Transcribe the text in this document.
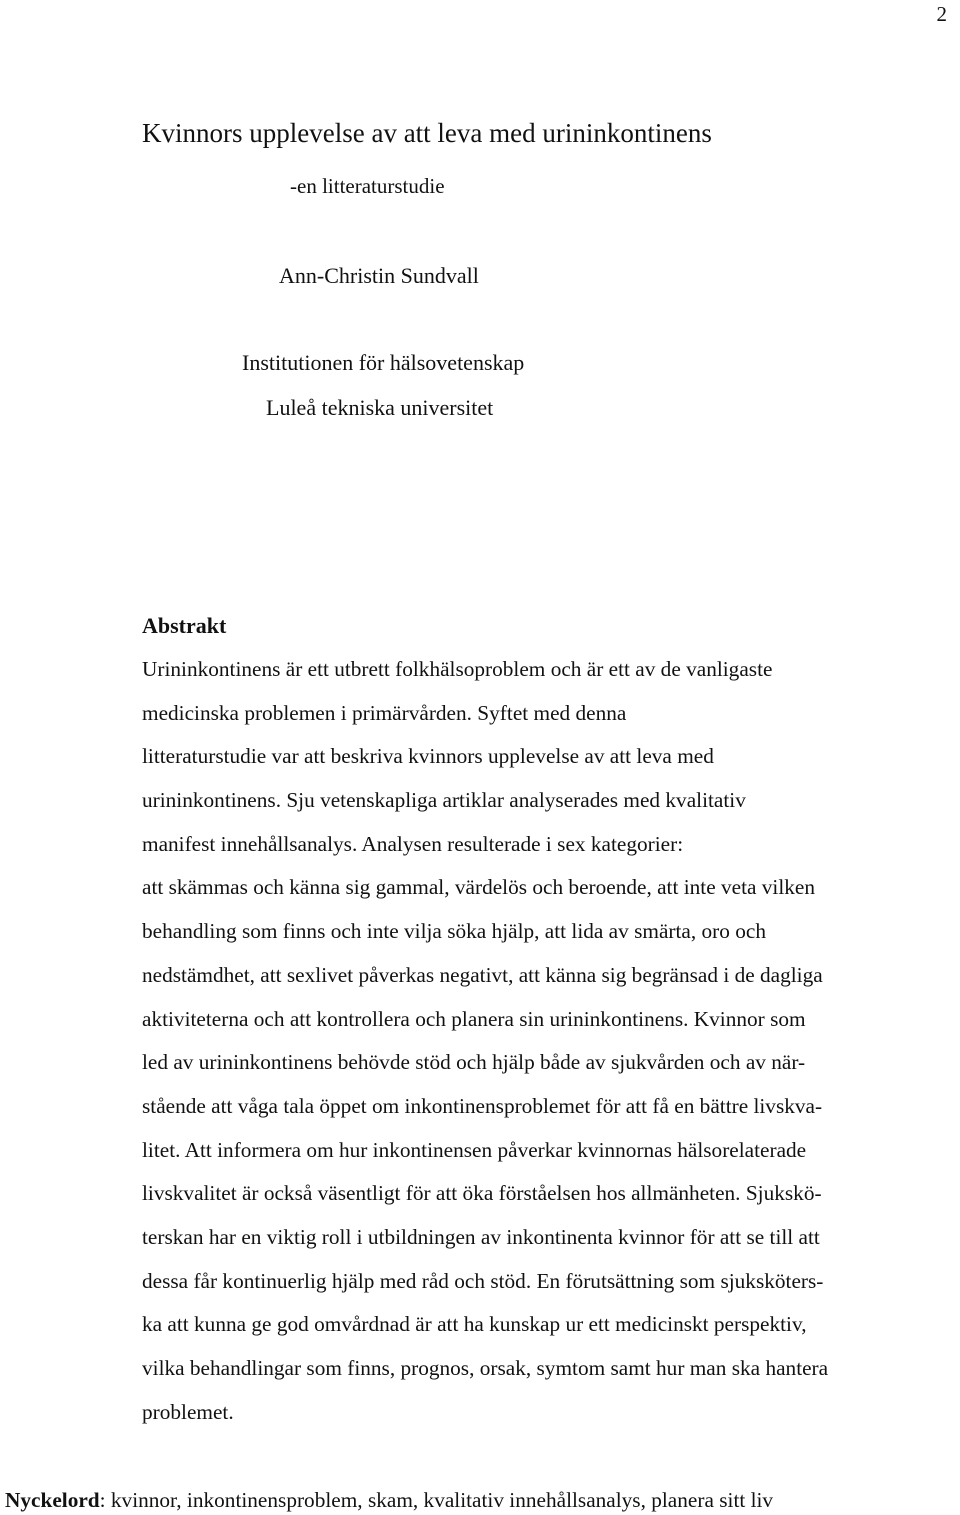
2
Kvinnors upplevelse av att leva med urininkontinens
-en litteraturstudie
Ann-Christin Sundvall
Institutionen för hälsovetenskap
Luleå tekniska universitet
Abstrakt
Urininkontinens är ett utbrett folkhälsoproblem och är ett av de vanligaste
medicinska problemen i primärvården. Syftet med denna
litteraturstudie var att beskriva kvinnors upplevelse av att leva med
urininkontinens. Sju vetenskapliga artiklar analyserades med kvalitativ
manifest innehållsanalys. Analysen resulterade i sex kategorier:
att skämmas och känna sig gammal, värdelös och beroende, att inte veta vilken
behandling som finns och inte vilja söka hjälp, att lida av smärta, oro och
nedstämdhet, att sexlivet påverkas negativt, att känna sig begränsad i de dagliga
aktiviteterna och att kontrollera och planera sin urininkontinens. Kvinnor som
led av urininkontinens behövde stöd och hjälp både av sjukvården och av när-
stående att våga tala öppet om inkontinensproblemet för att få en bättre livskva-
litet. Att informera om hur inkontinensen påverkar kvinnornas hälsorelaterade
livskvalitet är också väsentligt för att öka förståelsen hos allmänheten. Sjukskö-
terskan har en viktig roll i utbildningen av inkontinenta kvinnor för att se till att
dessa får kontinuerlig hjälp med råd och stöd. En förutsättning som sjuksköters-
ka att kunna ge god omvårdnad är att ha kunskap ur ett medicinskt perspektiv,
vilka behandlingar som finns, prognos, orsak, symtom samt hur man ska hantera
problemet.
Nyckelord: kvinnor, inkontinensproblem, skam, kvalitativ innehållsanalys, planera sitt liv
